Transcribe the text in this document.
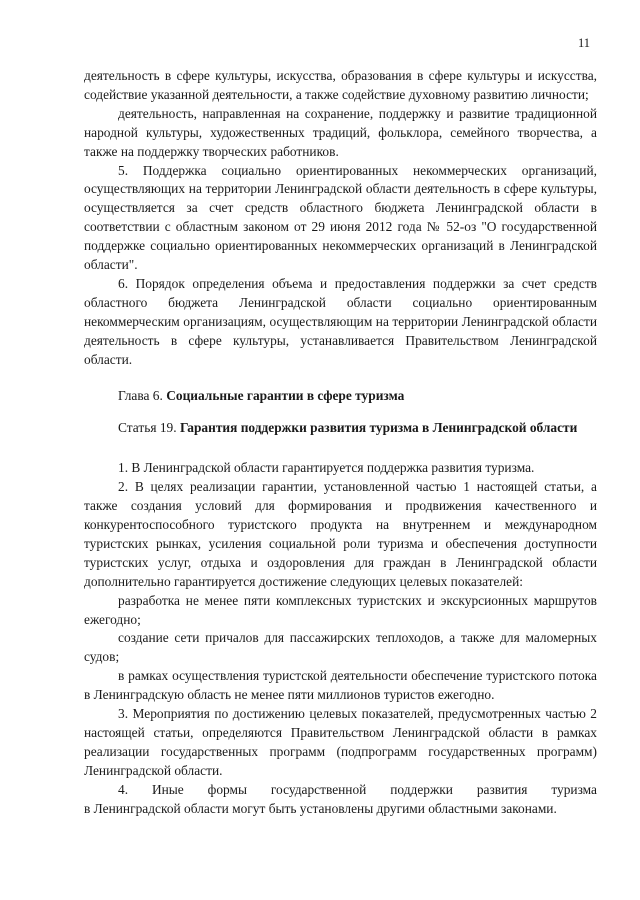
11

деятельность в сфере культуры, искусства, образования в сфере культуры и искусства, содействие указанной деятельности, а также содействие духовному развитию личности;

деятельность, направленная на сохранение, поддержку и развитие традиционной народной культуры, художественных традиций, фольклора, семейного творчества, а также на поддержку творческих работников.

5. Поддержка социально ориентированных некоммерческих организаций, осуществляющих на территории Ленинградской области деятельность в сфере культуры, осуществляется за счет средств областного бюджета Ленинградской области в соответствии с областным законом от 29 июня 2012 года № 52-оз "О государственной поддержке социально ориентированных некоммерческих организаций в Ленинградской области".

6. Порядок определения объема и предоставления поддержки за счет средств областного бюджета Ленинградской области социально ориентированным некоммерческим организациям, осуществляющим на территории Ленинградской области деятельность в сфере культуры, устанавливается Правительством Ленинградской области.

Глава 6. Социальные гарантии в сфере туризма

Статья 19. Гарантия поддержки развития туризма в Ленинградской области

1. В Ленинградской области гарантируется поддержка развития туризма.

2. В целях реализации гарантии, установленной частью 1 настоящей статьи, а также создания условий для формирования и продвижения качественного и конкурентоспособного туристского продукта на внутреннем и международном туристских рынках, усиления социальной роли туризма и обеспечения доступности туристских услуг, отдыха и оздоровления для граждан в Ленинградской области дополнительно гарантируется достижение следующих целевых показателей:

разработка не менее пяти комплексных туристских и экскурсионных маршрутов ежегодно;

создание сети причалов для пассажирских теплоходов, а также для маломерных судов;

в рамках осуществления туристской деятельности обеспечение туристского потока в Ленинградскую область не менее пяти миллионов туристов ежегодно.

3. Мероприятия по достижению целевых показателей, предусмотренных частью 2 настоящей статьи, определяются Правительством Ленинградской области в рамках реализации государственных программ (подпрограмм государственных программ) Ленинградской области.

4. Иные формы государственной поддержки развития туризма

в Ленинградской области могут быть установлены другими областными законами.
